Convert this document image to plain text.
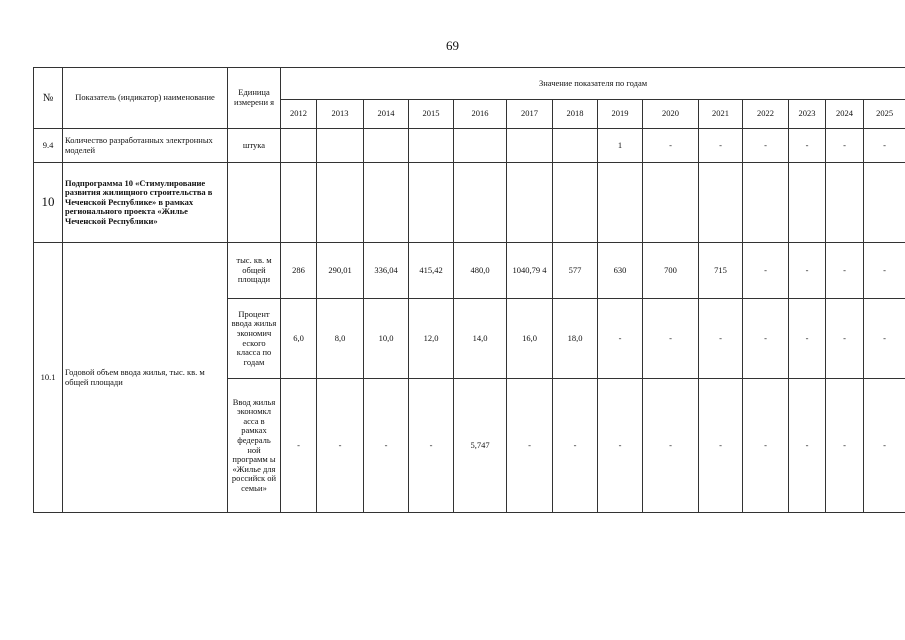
69
№	Показатель (индикатор) наименование	Единица измерени я	Значение показателя по годам													
			2012	2013	2014	2015	2016	2017	2018	2019	2020	2021	2022	2023	2024	2025
9.4	Количество разработанных электронных моделей	штука								1	-	-	-	-	-	-
10	Подпрограмма 10 «Стимулирование развития жилищного строительства в Чеченской Республике» в рамках регионального проекта «Жилье Чеченской Республики»															
10.1	Годовой объем ввода жилья, тыс. кв. м общей площади	тыс. кв. м общей площади	286	290,01	336,04	415,42	480,0	1040,79 4	577	630	700	715	-	-	-	-
		Процент ввода жилья экономич еского класса по годам	6,0	8,0	10,0	12,0	14,0	16,0	18,0	-	-	-	-	-	-	-
		Ввод жилья экономкл асса в рамках федераль ной программ ы «Жилье для российск ой семьи»	-	-	-	-	5,747	-	-	-	-	-	-	-	-	-
